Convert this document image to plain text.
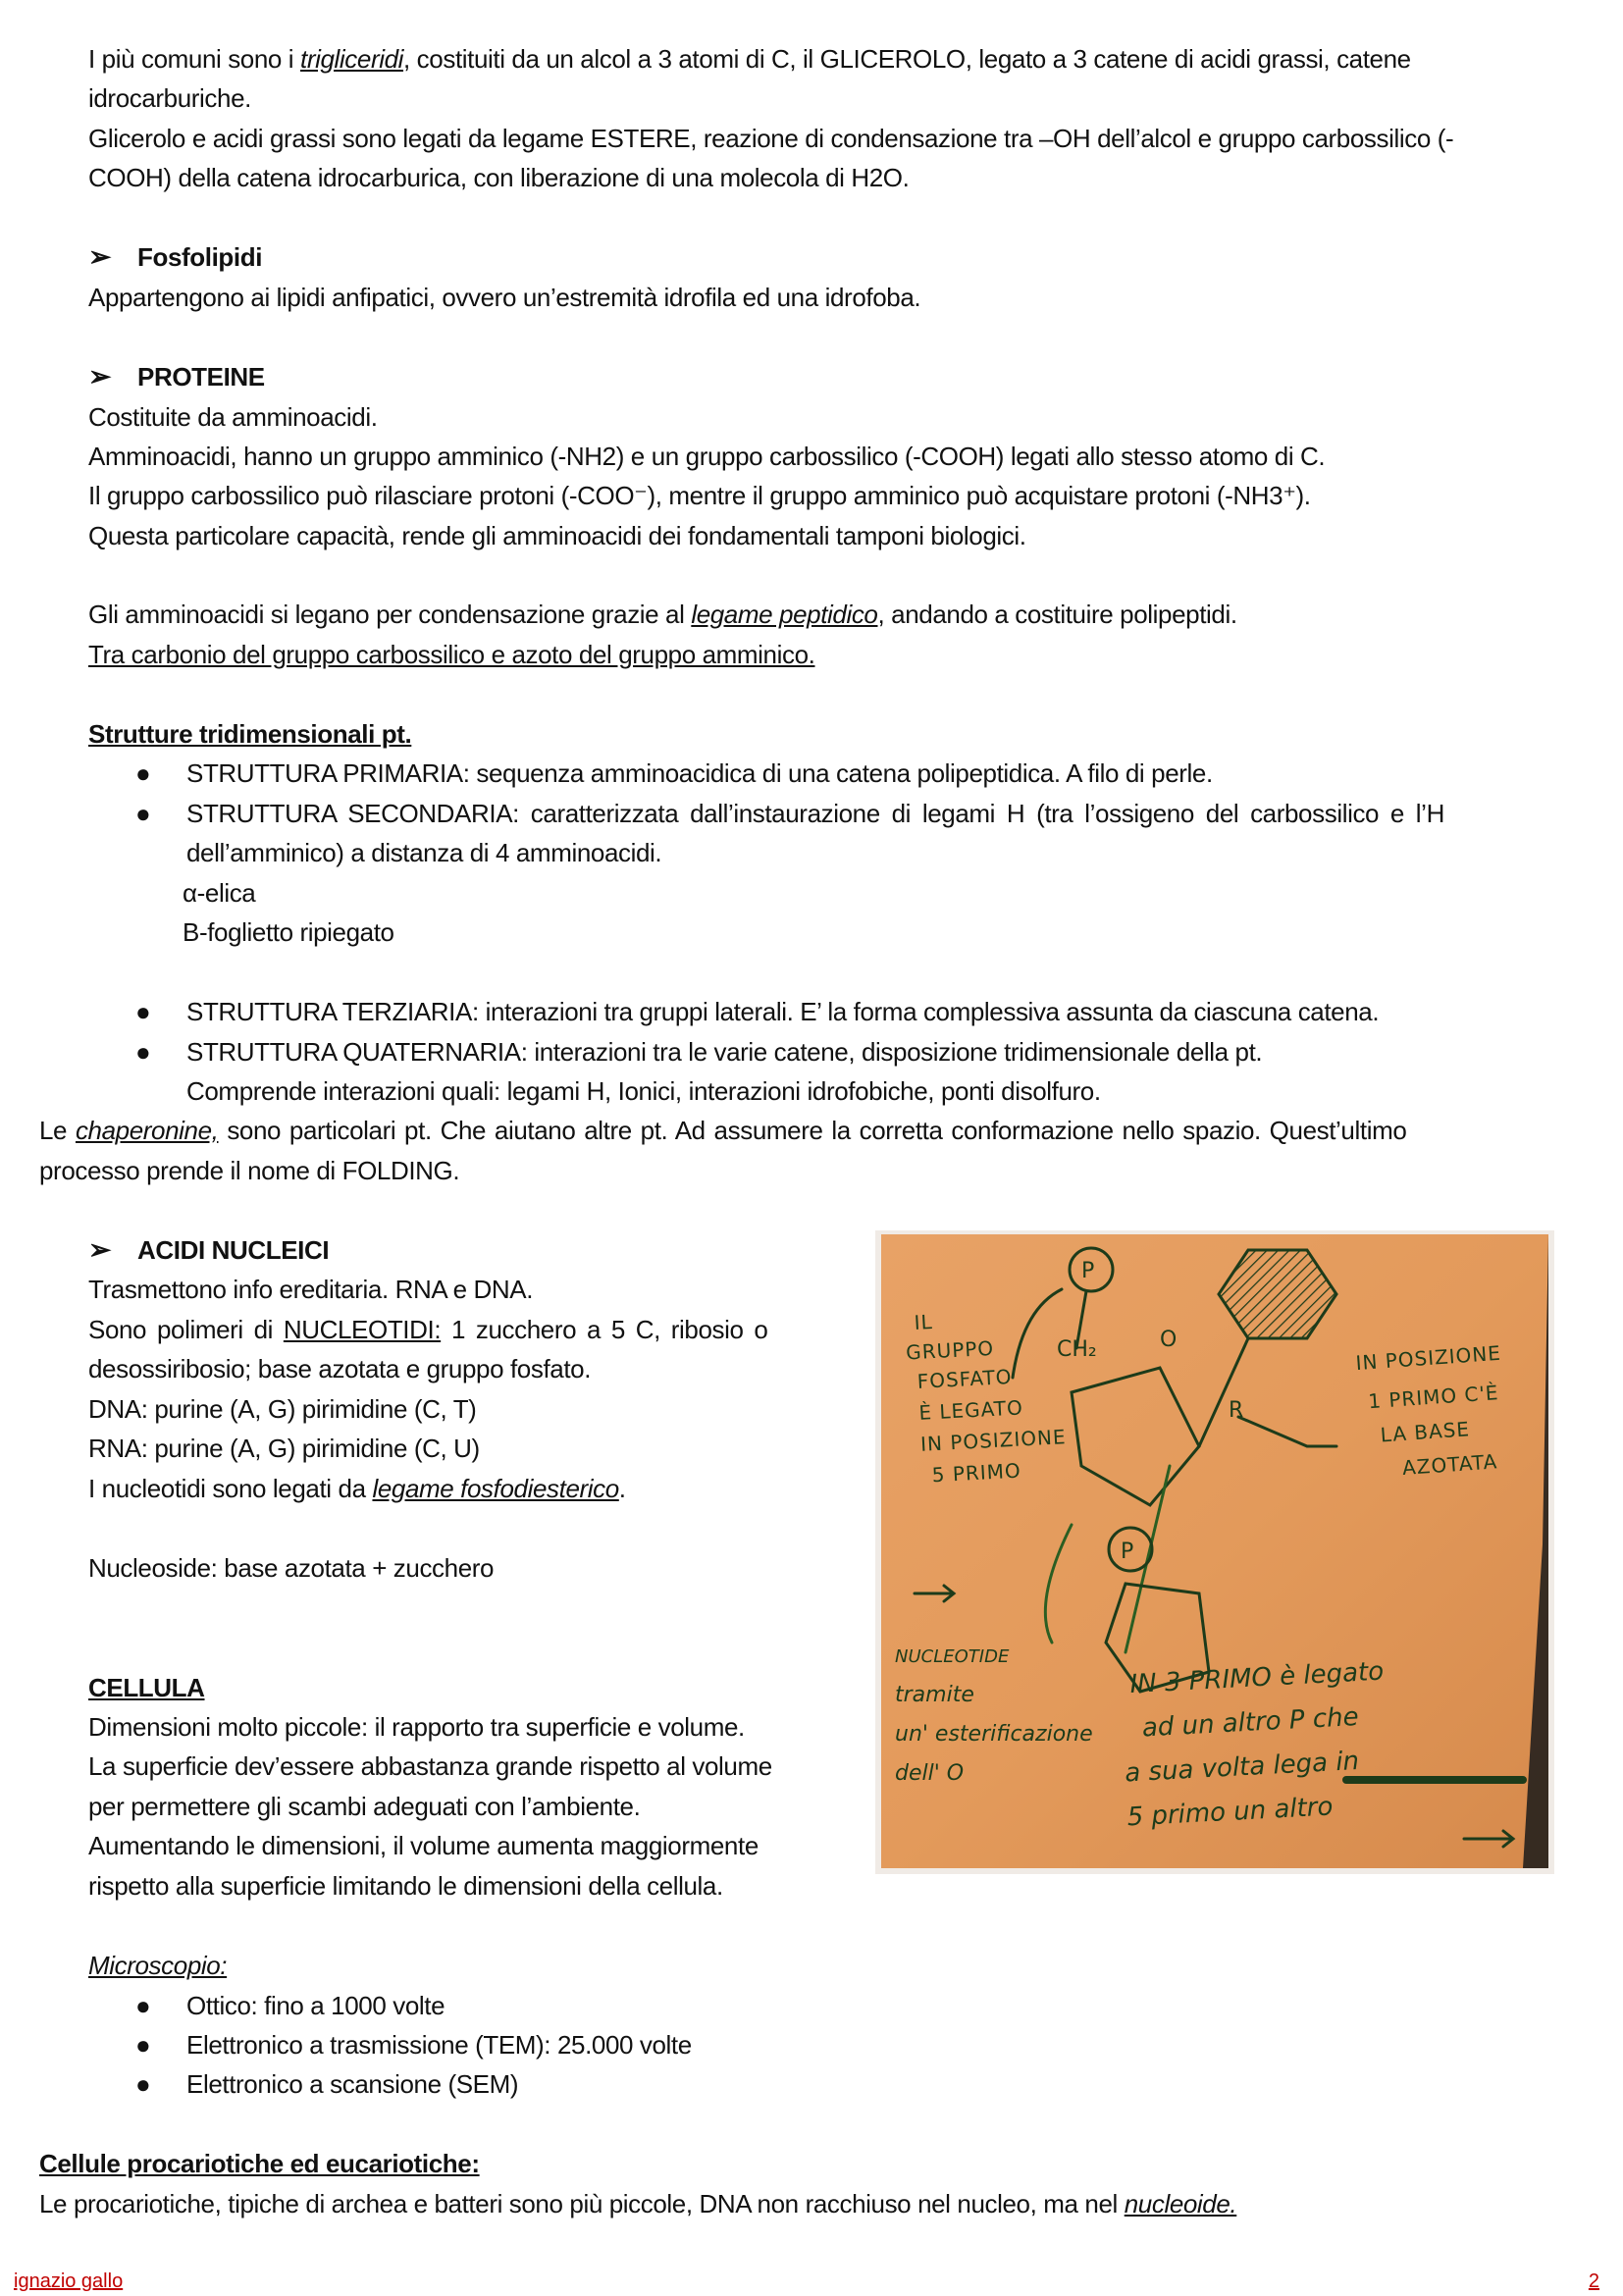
I più comuni sono i trigliceridi, costituiti da un alcol a 3 atomi di C, il GLICEROLO, legato a 3 catene di acidi grassi, catene
idrocarburiche.
Glicerolo e acidi grassi sono legati da legame ESTERE, reazione di condensazione tra –OH dell’alcol e gruppo carbossilico (-
COOH) della catena idrocarburica, con liberazione di una molecola di H2O.
➢ Fosfolipidi
Appartengono ai lipidi anfipatici, ovvero un’estremità idrofila ed una idrofoba.
➢ PROTEINE
Costituite da amminoacidi.
Amminoacidi, hanno un gruppo amminico (-NH2) e un gruppo carbossilico (-COOH) legati allo stesso atomo di C.
Il gruppo carbossilico può rilasciare protoni (-COO⁻), mentre il gruppo amminico può acquistare protoni (-NH3⁺).
Questa particolare capacità, rende gli amminoacidi dei fondamentali tamponi biologici.
Gli amminoacidi si legano per condensazione grazie al legame peptidico, andando a costituire polipeptidi.
Tra carbonio del gruppo carbossilico e azoto del gruppo amminico.
Strutture tridimensionali pt.
● STRUTTURA PRIMARIA: sequenza amminoacidica di una catena polipeptidica. A filo di perle.
● STRUTTURA SECONDARIA: caratterizzata dall’instaurazione di legami H (tra l’ossigeno del carbossilico e l’H
dell’amminico) a distanza di 4 amminoacidi.
α-elica
B-foglietto ripiegato
● STRUTTURA TERZIARIA: interazioni tra gruppi laterali. E’ la forma complessiva assunta da ciascuna catena.
● STRUTTURA QUATERNARIA: interazioni tra le varie catene, disposizione tridimensionale della pt.
Comprende interazioni quali: legami H, Ionici, interazioni idrofobiche, ponti disolfuro.
Le chaperonine, sono particolari pt. Che aiutano altre pt. Ad assumere la corretta conformazione nello spazio. Quest’ultimo
processo prende il nome di FOLDING.
➢ ACIDI NUCLEICI
Trasmettono info ereditaria. RNA e DNA.
Sono polimeri di NUCLEOTIDI: 1 zucchero a 5 C, ribosio o
desossiribosio; base azotata e gruppo fosfato.
DNA: purine (A, G) pirimidine (C, T)
RNA: purine (A, G) pirimidine (C, U)
I nucleotidi sono legati da legame fosfodiesterico.
Nucleoside: base azotata + zucchero
CELLULA
Dimensioni molto piccole: il rapporto tra superficie e volume.
La superficie dev’essere abbastanza grande rispetto al volume
per permettere gli scambi adeguati con l’ambiente.
Aumentando le dimensioni, il volume aumenta maggiormente
rispetto alla superficie limitando le dimensioni della cellula.
Microscopio:
● Ottico: fino a 1000 volte
● Elettronico a trasmissione (TEM): 25.000 volte
● Elettronico a scansione (SEM)
Cellule procariotiche ed eucariotiche:
Le procariotiche, tipiche di archea e batteri sono più piccole, DNA non racchiuso nel nucleo, ma nel nucleoide.
P
P
CH₂	O
R
IL
GRUPPO
FOSFATO
È LEGATO
IN POSIZIONE
5 PRIMO
IN POSIZIONE
1 PRIMO C'È
LA BASE
AZOTATA
NUCLEOTIDE
tramite
un' esterificazione
dell' O
IN 3 PRIMO è legato
ad un altro P che
a sua volta lega in
5 primo un altro
ignazio gallo	2
